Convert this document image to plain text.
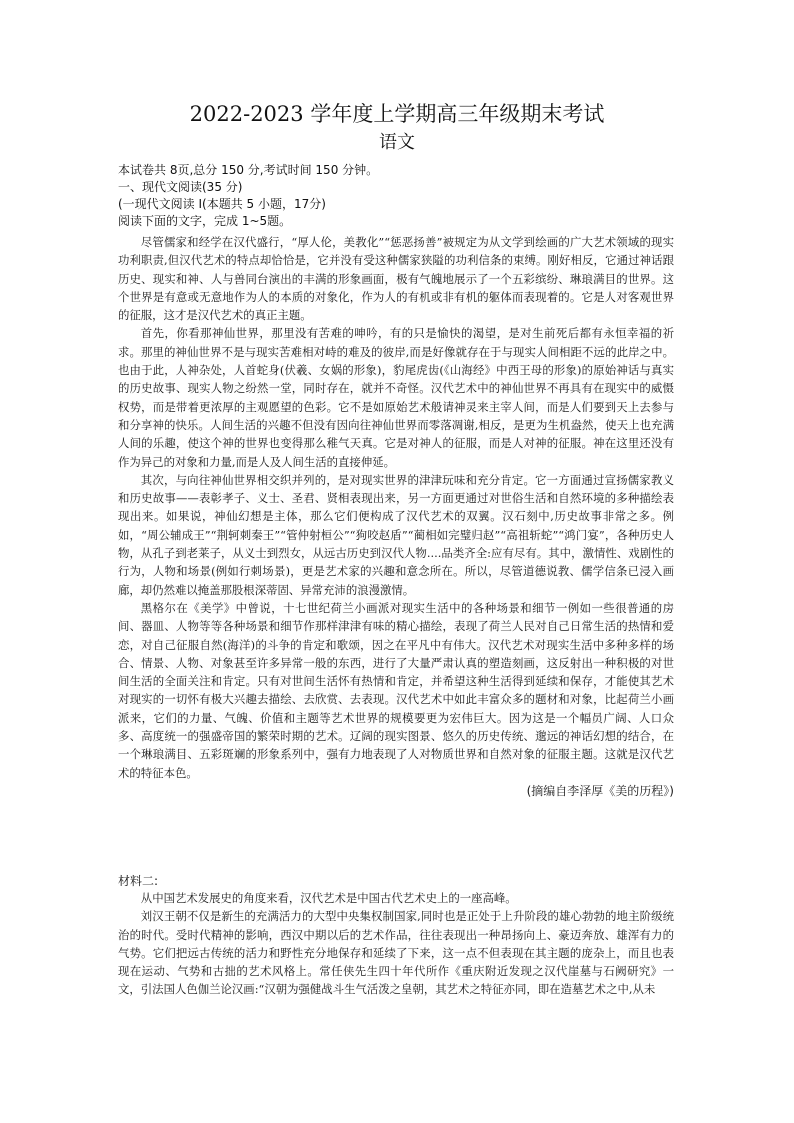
2022-2023 学年度上学期高三年级期末考试
语文
本试卷共 8页,总分 150 分,考试时间 150 分钟。
一、现代文阅读(35 分)
(一现代文阅读 I(本题共 5 小题，17分)
阅读下面的文字，完成 1~5题。

尽管儒家和经学在汉代盛行，“厚人伦，美教化”“惩恶扬善”被规定为从文学到绘画的广大艺术领域的现实功利职责,但汉代艺术的特点却恰恰是，它并没有受这种儒家狭隘的功利信条的束缚。刚好相反，它通过神话跟历史、现实和神、人与兽同台演出的丰满的形象画面，极有气魄地展示了一个五彩缤纷、琳琅满目的世界。这个世界是有意或无意地作为人的本质的对象化，作为人的有机或非有机的躯体而表现着的。它是人对客观世界的征服，这才是汉代艺术的真正主题。

首先，你看那神仙世界，那里没有苦难的呻吟，有的只是愉快的渴望，是对生前死后都有永恒幸福的祈求。那里的神仙世界不是与现实苦难相对峙的难及的彼岸,而是好像就存在于与现实人间相距不远的此岸之中。也由于此，人神杂处，人首蛇身(伏羲、女娲的形象)，豹尾虎齿(《山海经》中西王母的形象)的原始神话与真实的历史故事、现实人物之纷然一堂，同时存在，就并不奇怪。汉代艺术中的神仙世界不再具有在现实中的威慑权势，而是带着更浓厚的主观愿望的色彩。它不是如原始艺术般请神灵来主宰人间，而是人们要到天上去参与和分享神的快乐。人间生活的兴趣不但没有因向往神仙世界而零落凋谢,相反，是更为生机盎然，使天上也充满人间的乐趣，使这个神的世界也变得那么稚气天真。它是对神人的征服，而是人对神的征服。神在这里还没有作为异己的对象和力量,而是人及人间生活的直接伸延。

其次，与向往神仙世界相交织并列的，是对现实世界的津津玩味和充分肯定。它一方面通过宣扬儒家教义和历史故事——表彰孝子、义士、圣君、贤相表现出来，另一方面更通过对世俗生活和自然环境的多种描绘表现出来。如果说，神仙幻想是主体，那么它们便构成了汉代艺术的双翼。汉石刻中,历史故事非常之多。例如，“周公辅成王”“荆轲刺秦王”“管仲射桓公”“狗咬赵盾”“蔺相如完璧归赵”“高祖斩蛇”“鸿门宴”，各种历史人物，从孔子到老莱子，从义士到烈女，从远古历史到汉代人物....品类齐全:应有尽有。其中，激情性、戏剧性的行为，人物和场景(例如行刺场景)，更是艺术家的兴趣和意念所在。所以，尽管道德说教、儒学信条已浸入画廊，却仍然难以掩盖那股根深蒂固、异常充沛的浪漫激情。

黑格尔在《美学》中曾说，十七世纪荷兰小画派对现实生活中的各种场景和细节一例如一些很普通的房间、器皿、人物等等各种场景和细节作那样津津有味的精心描绘，表现了荷兰人民对自己日常生活的热情和爱恋，对自己征服自然(海洋)的斗争的肯定和歌颂，因之在平凡中有伟大。汉代艺术对现实生活中多种多样的场合、情景、人物、对象甚至许多异常一般的东西，进行了大量严肃认真的塑造刻画，这反射出一种积极的对世间生活的全面关注和肯定。只有对世间生活怀有热情和肯定，并希望这种生活得到延续和保存，才能使其艺术对现实的一切怀有极大兴趣去描绘、去欣赏、去表现。汉代艺术中如此丰富众多的题材和对象，比起荷兰小画派来，它们的力量、气魄、价值和主题等艺术世界的规模要更为宏伟巨大。因为这是一个幅员广阔、人口众多、高度统一的强盛帝国的繁荣时期的艺术。辽阔的现实图景、悠久的历史传统、邈远的神话幻想的结合，在一个琳琅满目、五彩斑斓的形象系列中，强有力地表现了人对物质世界和自然对象的征服主题。这就是汉代艺术的特征本色。

(摘编自李泽厚《美的历程》)

材料二:

从中国艺术发展史的角度来看，汉代艺术是中国古代艺术史上的一座高峰。

刘汉王朝不仅是新生的充满活力的大型中央集权制国家,同时也是正处于上升阶段的雄心勃勃的地主阶级统治的时代。受时代精神的影响，西汉中期以后的艺术作品，往往表现出一种昂扬向上、豪迈奔放、雄浑有力的气势。它们把远古传统的活力和野性充分地保存和延续了下来，这一点不但表现在其主题的庞杂上，而且也表现在运动、气势和古拙的艺术风格上。常任侠先生四十年代所作《重庆附近发现之汉代崖墓与石阙研究》一文，引法国人色伽兰论汉画:“汉朝为强健战斗生气活泼之皇朝，其艺术之特征亦同，即在造墓艺术之中,从未
